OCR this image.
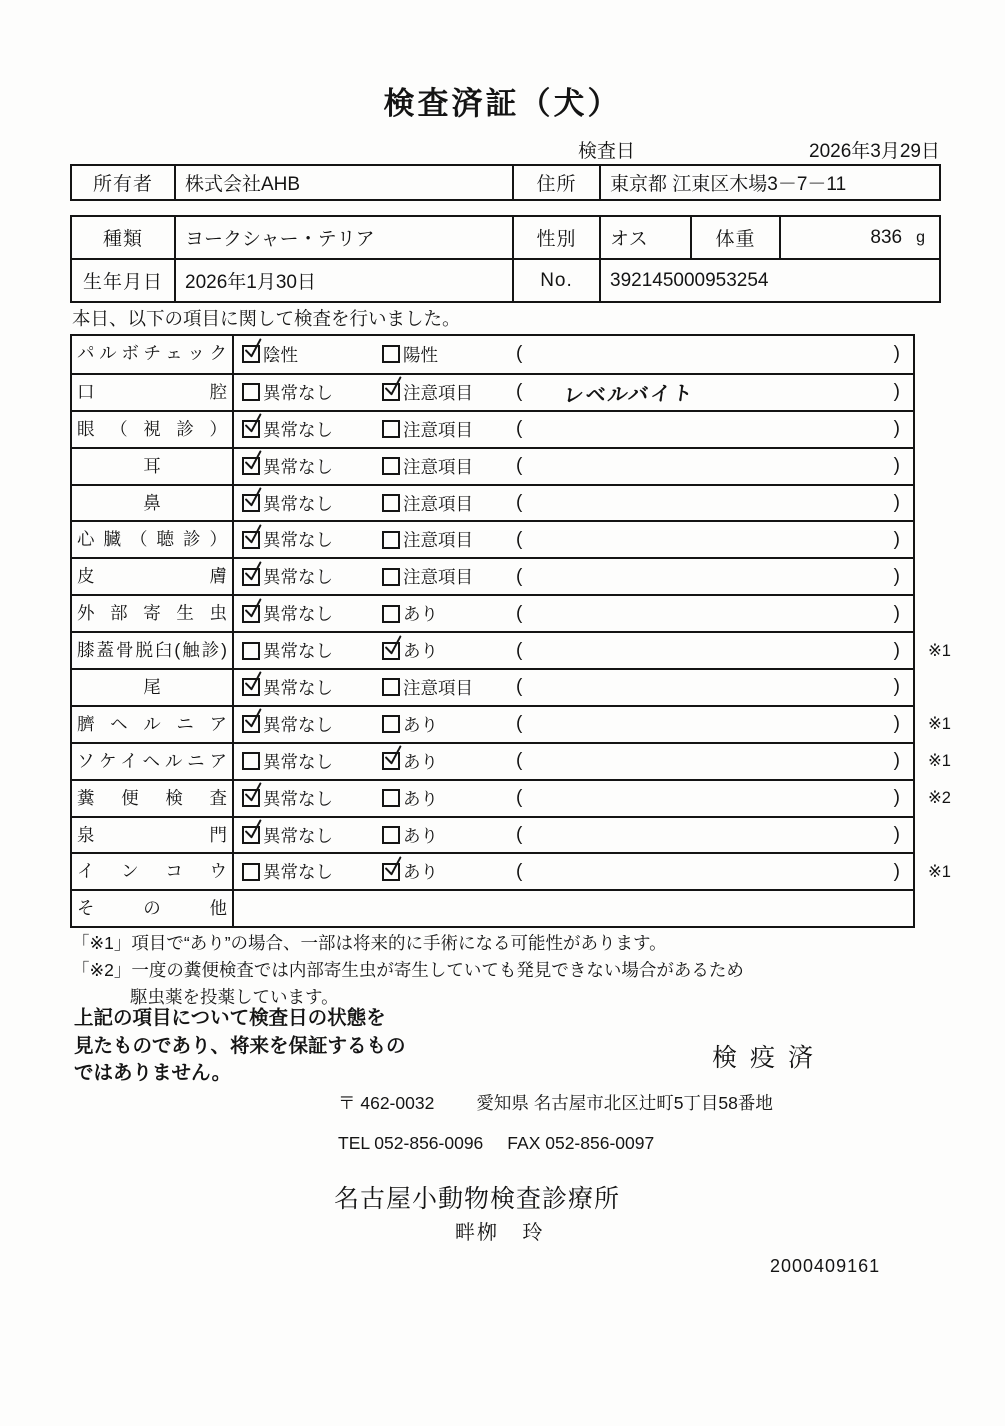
検査済証（犬）
検査日	2026年3月29日
所有者	株式会社AHB	住所	東京都 江東区木場3－7－11
種類	ヨークシャー・テリア	性別	オス	体重	836 g
生年月日	2026年1月30日	No.	392145000953254

本日、以下の項目に関して検査を行いました。

パルボチェック	陰性	陽性	(	)
口腔	異常なし	注意項目 ( レベルバイト	)
眼（視診）	異常なし	注意項目 (	)
耳	異常なし	注意項目 (	)
鼻	異常なし	注意項目 (	)
心臓（聴診）	異常なし	注意項目 (	)
皮膚	異常なし	注意項目 (	)
外部寄生虫	異常なし	あり	(	)
膝蓋骨脱臼(触診)	異常なし	あり	(	) ※1
尾	異常なし	注意項目 (	)
臍ヘルニア	異常なし	あり	(	) ※1
ソケイヘルニア	異常なし	あり	(	) ※1
糞便検査	異常なし	あり	(	) ※2
泉門	異常なし	あり	(	)
インコウ	異常なし	あり	(	) ※1
その他
「※1」項目で“あり”の場合、一部は将来的に手術になる可能性があります。
「※2」一度の糞便検査では内部寄生虫が寄生していても発見できない場合があるため
駆虫薬を投薬しています。
上記の項目について検査日の状態を
見たものであり、将来を保証するもの
ではありません。
検疫済
〒 462-0032 愛知県 名古屋市北区辻町5丁目58番地
TEL 052-856-0096 FAX 052-856-0097
名古屋小動物検査診療所
畔栁 玲
2000409161
